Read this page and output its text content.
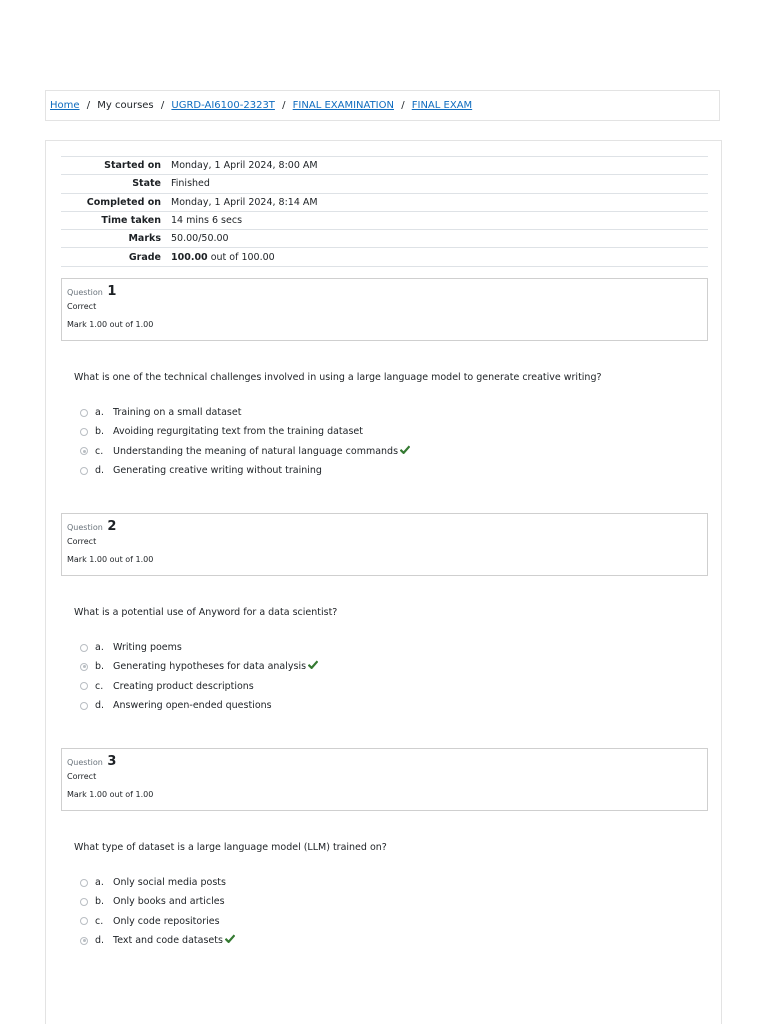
Home / My courses / UGRD-AI6100-2323T / FINAL EXAMINATION / FINAL EXAM
Started on	Monday, 1 April 2024, 8:00 AM
State	Finished
Completed on	Monday, 1 April 2024, 8:14 AM
Time taken	14 mins 6 secs
Marks	50.00/50.00
Grade	100.00 out of 100.00
Question 1
Correct
Mark 1.00 out of 1.00
What is one of the technical challenges involved in using a large language model to generate creative writing?
a. Training on a small dataset
b. Avoiding regurgitating text from the training dataset
c.	Understanding the meaning of natural language commands
d. Generating creative writing without training
Question 2
Correct
Mark 1.00 out of 1.00
What is a potential use of Anyword for a data scientist?
a. Writing poems
b. Generating hypotheses for data analysis
c.	Creating product descriptions
d. Answering open-ended questions
Question 3
Correct
Mark 1.00 out of 1.00
What type of dataset is a large language model (LLM) trained on?
a. Only social media posts
b. Only books and articles
c.	Only code repositories
d. Text and code datasets
